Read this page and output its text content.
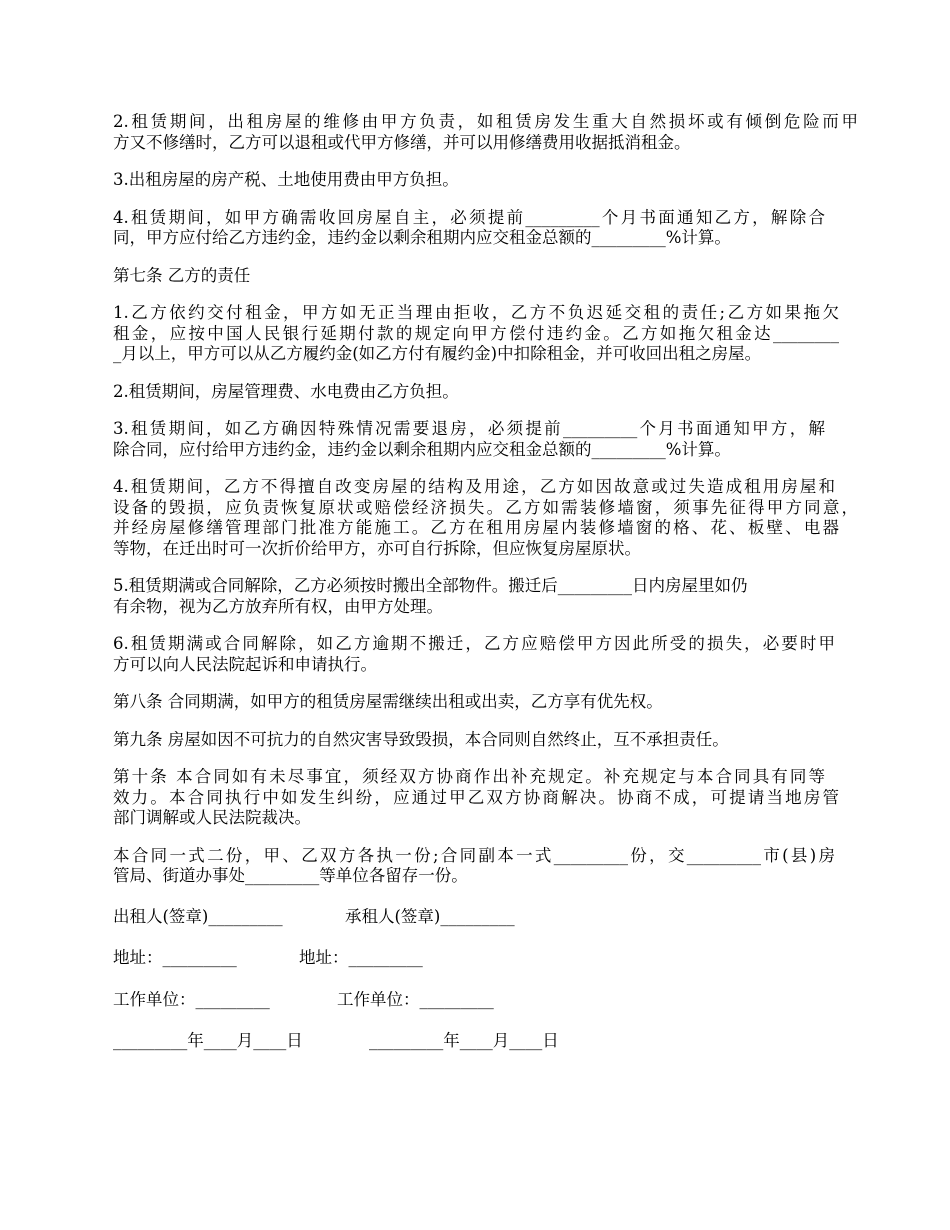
2.租赁期间，出租房屋的维修由甲方负责，如租赁房发生重大自然损坏或有倾倒危险而甲
方又不修缮时，乙方可以退租或代甲方修缮，并可以用修缮费用收据抵消租金。

3.出租房屋的房产税、土地使用费由甲方负担。

4.租赁期间，如甲方确需收回房屋自主，必须提前_________个月书面通知乙方，解除合
同，甲方应付给乙方违约金，违约金以剩余租期内应交租金总额的_________%计算。

第七条 乙方的责任

1.乙方依约交付租金，甲方如无正当理由拒收，乙方不负迟延交租的责任;乙方如果拖欠
租金，应按中国人民银行延期付款的规定向甲方偿付违约金。乙方如拖欠租金达________
_月以上，甲方可以从乙方履约金(如乙方付有履约金)中扣除租金，并可收回出租之房屋。

2.租赁期间，房屋管理费、水电费由乙方负担。

3.租赁期间，如乙方确因特殊情况需要退房，必须提前_________个月书面通知甲方，解
除合同，应付给甲方违约金，违约金以剩余租期内应交租金总额的_________%计算。

4.租赁期间，乙方不得擅自改变房屋的结构及用途，乙方如因故意或过失造成租用房屋和
设备的毁损，应负责恢复原状或赔偿经济损失。乙方如需装修墙窗，须事先征得甲方同意，
并经房屋修缮管理部门批准方能施工。乙方在租用房屋内装修墙窗的格、花、板壁、电器
等物，在迁出时可一次折价给甲方，亦可自行拆除，但应恢复房屋原状。

5.租赁期满或合同解除，乙方必须按时搬出全部物件。搬迁后_________日内房屋里如仍
有余物，视为乙方放弃所有权，由甲方处理。

6.租赁期满或合同解除，如乙方逾期不搬迁，乙方应赔偿甲方因此所受的损失，必要时甲
方可以向人民法院起诉和申请执行。

第八条 合同期满，如甲方的租赁房屋需继续出租或出卖，乙方享有优先权。

第九条 房屋如因不可抗力的自然灾害导致毁损，本合同则自然终止，互不承担责任。

第十条 本合同如有未尽事宜，须经双方协商作出补充规定。补充规定与本合同具有同等
效力。本合同执行中如发生纠纷，应通过甲乙双方协商解决。协商不成，可提请当地房管
部门调解或人民法院裁决。

本合同一式二份，甲、乙双方各执一份;合同副本一式_________份，交_________市(县)房
管局、街道办事处_________等单位各留存一份。

出租人(签章)_________	承租人(签章)_________
地址：_________	地址：_________
工作单位：_________	工作单位：_________
_________年____月____日	_________年____月____日
